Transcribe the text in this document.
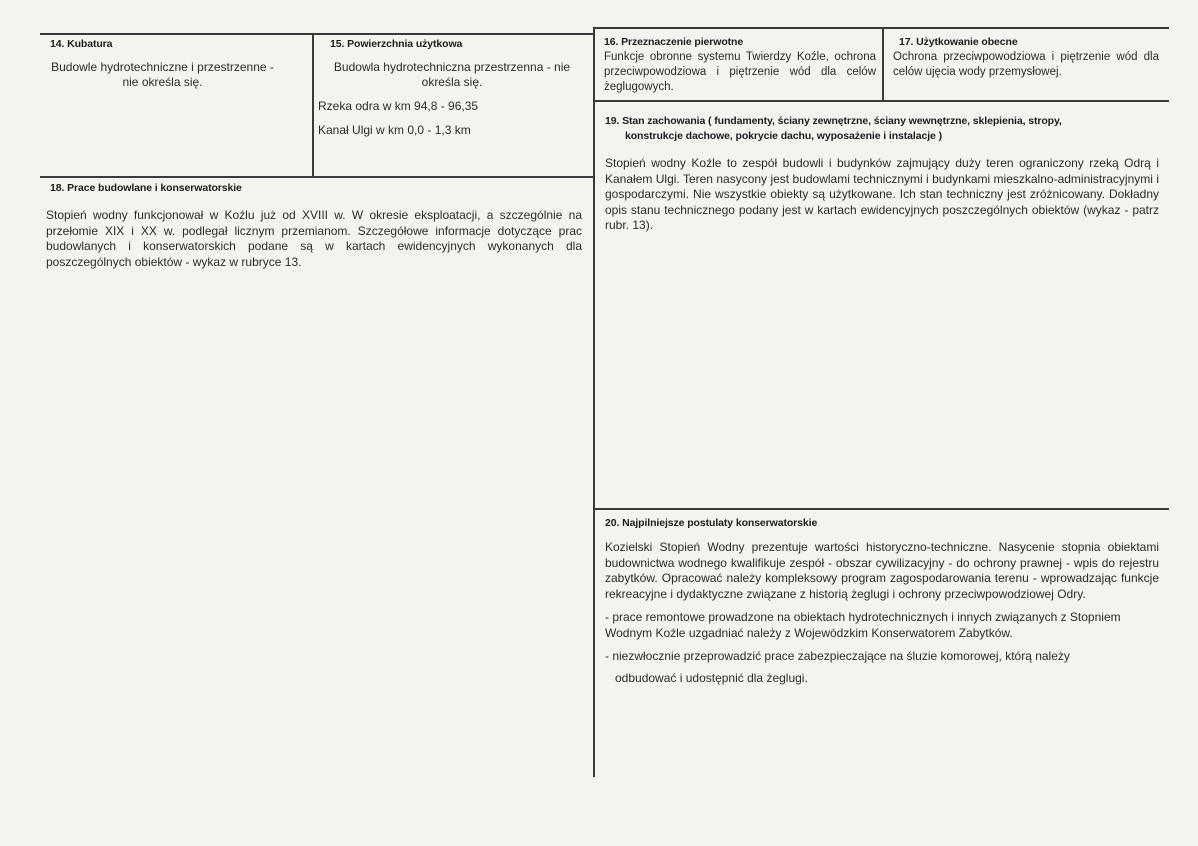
14. Kubatura

Budowle hydrotechniczne i przestrzenne - nie określa się.

15. Powierzchnia użytkowa

Budowla hydrotechniczna przestrzenna - nie określa się.

Rzeka odra w km 94,8 - 96,35

Kanał Ulgi w km 0,0 - 1,3 km

16. Przeznaczenie pierwotne

Funkcje obronne systemu Twierdzy Koźle, ochrona przeciwpowodziowa i piętrzenie wód dla celów żeglugowych.

17. Użytkowanie obecne

Ochrona przeciwpowodziowa i piętrzenie wód dla celów ujęcia wody przemysłowej.

18. Prace budowlane i konserwatorskie

Stopień wodny funkcjonował w Koźlu już od XVIII w. W okresie eksploatacji, a szczególnie na przełomie XIX i XX w. podlegał licznym przemianom. Szczegółowe informacje dotyczące prac budowlanych i konserwatorskich podane są w kartach ewidencyjnych wykonanych dla poszczególnych obiektów - wykaz w rubryce 13.

19. Stan zachowania ( fundamenty, ściany zewnętrzne, ściany wewnętrzne, sklepienia, stropy,
konstrukcje dachowe, pokrycie dachu, wyposażenie i instalacje )

Stopień wodny Koźle to zespół budowli i budynków zajmujący duży teren ograniczony rzeką Odrą i Kanałem Ulgi. Teren nasycony jest budowlami technicznymi i budynkami mieszkalno-administracyjnymi i gospodarczymi. Nie wszystkie obiekty są użytkowane. Ich stan techniczny jest zróżnicowany. Dokładny opis stanu technicznego podany jest w kartach ewidencyjnych poszczególnych obiektów (wykaz - patrz rubr. 13).

20. Najpilniejsze postulaty konserwatorskie

Kozielski Stopień Wodny prezentuje wartości historyczno-techniczne. Nasycenie stopnia obiektami budownictwa wodnego kwalifikuje zespół - obszar cywilizacyjny - do ochrony prawnej - wpis do rejestru zabytków. Opracować należy kompleksowy program zagospodarowania terenu - wprowadzając funkcje rekreacyjne i dydaktyczne związane z historią żeglugi i ochrony przeciwpowodziowej Odry.

- prace remontowe prowadzone na obiektach hydrotechnicznych i innych związanych z Stopniem Wodnym Koźle uzgadniać należy z Wojewódzkim Konserwatorem Zabytków.

- niezwłocznie przeprowadzić prace zabezpieczające na śluzie komorowej, którą należy

odbudować i udostępnić dla żeglugi.
